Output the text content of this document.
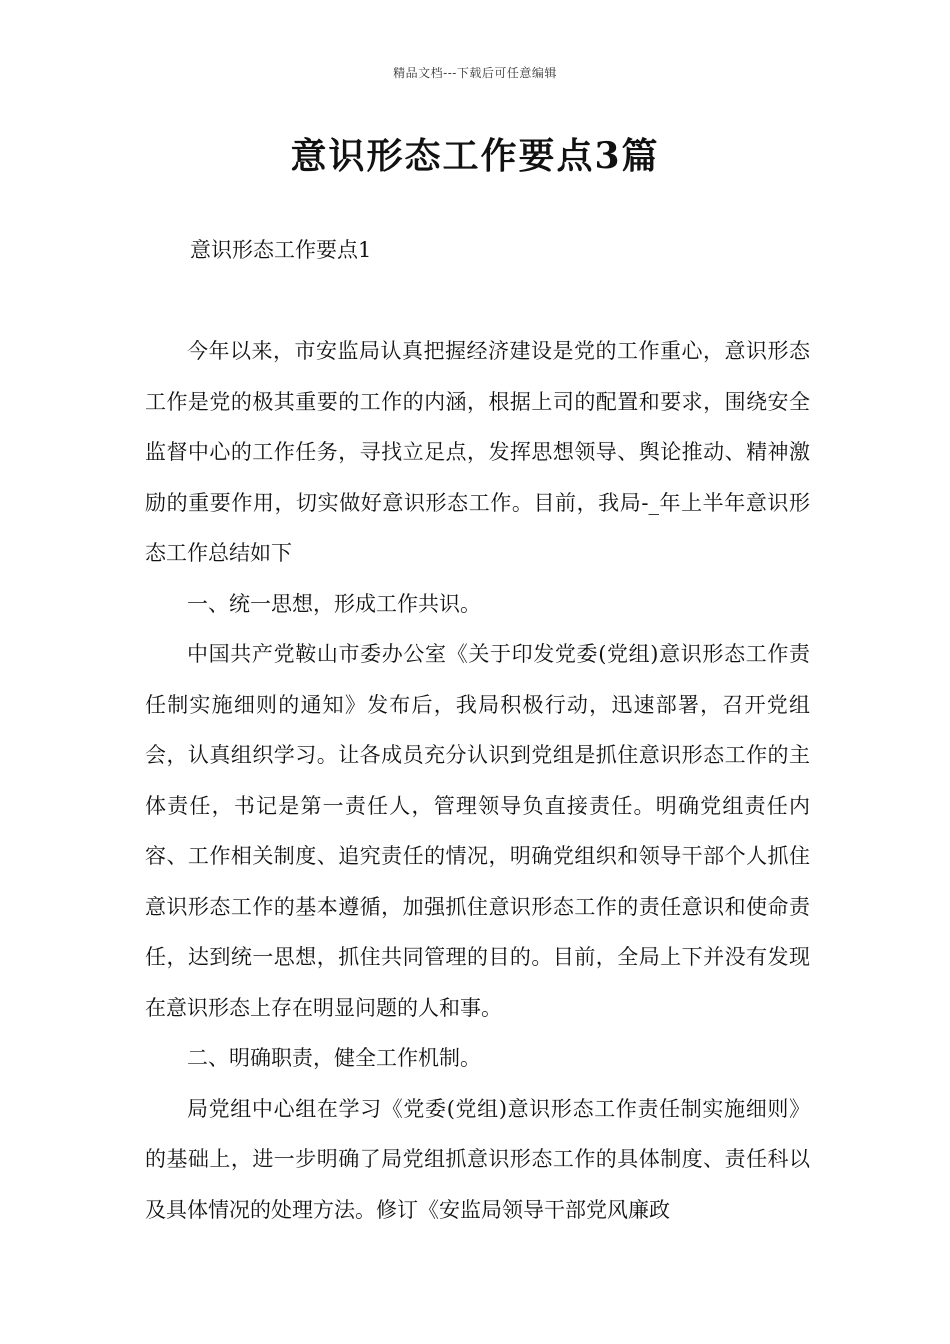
精品文档---下载后可任意编辑
意识形态工作要点3篇
意识形态工作要点1

今年以来，市安监局认真把握经济建设是党的工作重心，意识形态工作是党的极其重要的工作的内涵，根据上司的配置和要求，围绕安全监督中心的工作任务，寻找立足点，发挥思想领导、舆论推动、精神激励的重要作用，切实做好意识形态工作。目前，我局-_年上半年意识形态工作总结如下

一、统一思想，形成工作共识。

中国共产党鞍山市委办公室《关于印发党委(党组)意识形态工作责任制实施细则的通知》发布后，我局积极行动，迅速部署，召开党组会，认真组织学习。让各成员充分认识到党组是抓住意识形态工作的主体责任，书记是第一责任人，管理领导负直接责任。明确党组责任内容、工作相关制度、追究责任的情况，明确党组织和领导干部个人抓住意识形态工作的基本遵循，加强抓住意识形态工作的责任意识和使命责任，达到统一思想，抓住共同管理的目的。目前，全局上下并没有发现在意识形态上存在明显问题的人和事。

二、明确职责，健全工作机制。

局党组中心组在学习《党委(党组)意识形态工作责任制实施细则》的基础上，进一步明确了局党组抓意识形态工作的具体制度、责任科以及具体情况的处理方法。修订《安监局领导干部党风廉政
